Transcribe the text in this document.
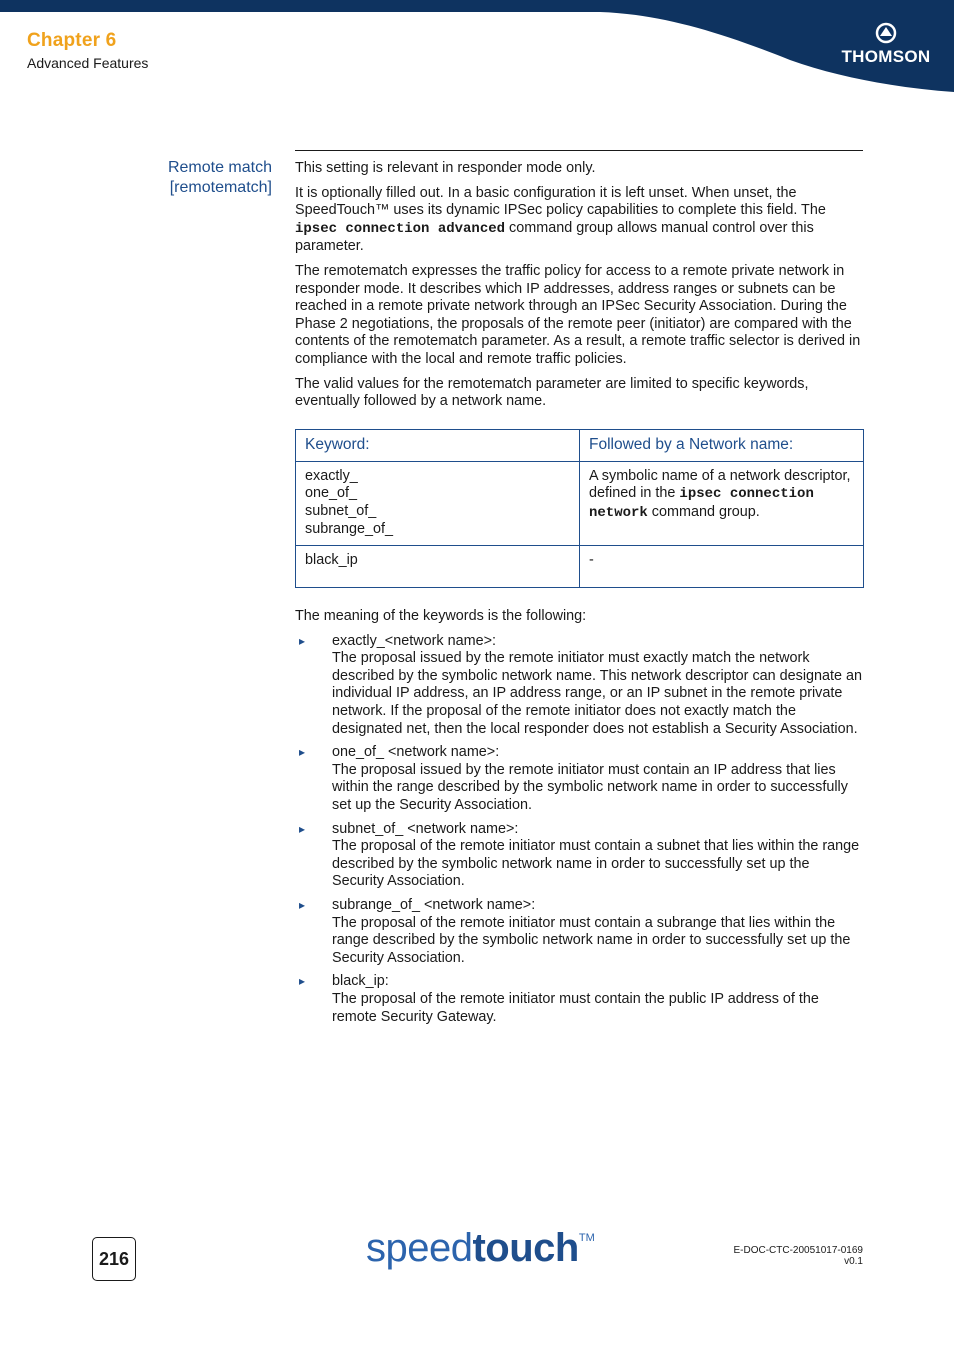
Chapter 6
Advanced Features	THOMSON
Remote match
[remotematch]

This setting is relevant in responder mode only.

It is optionally filled out. In a basic configuration it is left unset. When unset, the SpeedTouch™ uses its dynamic IPSec policy capabilities to complete this field. The ipsec connection advanced command group allows manual control over this parameter.

The remotematch expresses the traffic policy for access to a remote private network in responder mode. It describes which IP addresses, address ranges or subnets can be reached in a remote private network through an IPSec Security Association. During the Phase 2 negotiations, the proposals of the remote peer (initiator) are compared with the contents of the remotematch parameter. As a result, a remote traffic selector is derived in compliance with the local and remote traffic policies.

The valid values for the remotematch parameter are limited to specific keywords, eventually followed by a network name.

Keyword:	Followed by a Network name:

exactly_
one_of_
subnet_of_
subrange_of_	A symbolic name of a network descriptor, defined in the ipsec connection network command group.
black_ip	-

The meaning of the keywords is the following:

▸ exactly_<network name>:
The proposal issued by the remote initiator must exactly match the network described by the symbolic network name. This network descriptor can designate an individual IP address, an IP address range, or an IP subnet in the remote private network. If the proposal of the remote initiator does not exactly match the designated net, then the local responder does not establish a Security Association.
▸ one_of_ <network name>:
The proposal issued by the remote initiator must contain an IP address that lies within the range described by the symbolic network name in order to successfully set up the Security Association.
▸ subnet_of_ <network name>:
The proposal of the remote initiator must contain a subnet that lies within the range described by the symbolic network name in order to successfully set up the Security Association.
▸ subrange_of_ <network name>:
The proposal of the remote initiator must contain a subrange that lies within the range described by the symbolic network name in order to successfully set up the Security Association.
▸ black_ip:
The proposal of the remote initiator must contain the public IP address of the remote Security Gateway.
216	speedtouch™
E-DOC-CTC-20051017-0169 v0.1
